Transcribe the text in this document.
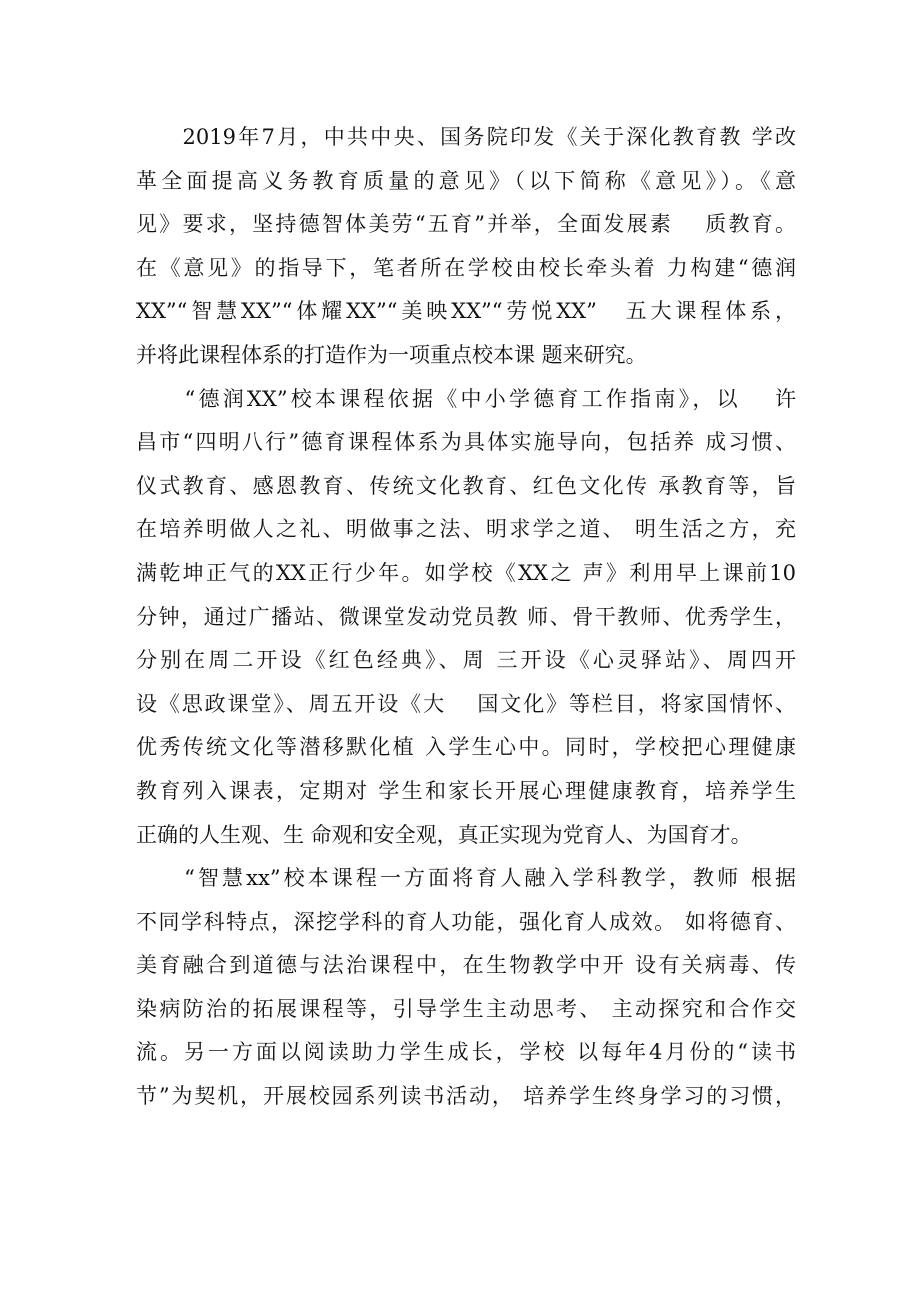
　　2019年7月，中共中央、国务院印发《关于深化教育教 学改
革全面提高义务教育质量的意见》（以下简称《意见》）。《意
见》要求，坚持德智体美劳“五育”并举，全面发展素　 质教育。
在《意见》的指导下，笔者所在学校由校长牵头着 力构建“德润
XX”“智慧XX”“体耀XX”“美映XX”“劳悦XX”　五大课程体系，
并将此课程体系的打造作为一项重点校本课 题来研究。
　　“德润XX”校本课程依据《中小学德育工作指南》，以　 许
昌市“四明八行”德育课程体系为具体实施导向，包括养 成习惯、
仪式教育、感恩教育、传统文化教育、红色文化传 承教育等，旨
在培养明做人之礼、明做事之法、明求学之道、 明生活之方，充
满乾坤正气的XX正行少年。如学校《XX之 声》利用早上课前10
分钟，通过广播站、微课堂发动党员教 师、骨干教师、优秀学生，
分别在周二开设《红色经典》、周 三开设《心灵驿站》、周四开
设《思政课堂》、周五开设《大　 国文化》等栏目，将家国情怀、
优秀传统文化等潜移默化植 入学生心中。同时，学校把心理健康
教育列入课表，定期对 学生和家长开展心理健康教育，培养学生
正确的人生观、生 命观和安全观，真正实现为党育人、为国育才。
　　“智慧xx”校本课程一方面将育人融入学科教学，教师 根据
不同学科特点，深挖学科的育人功能，强化育人成效。 如将德育、
美育融合到道德与法治课程中，在生物教学中开 设有关病毒、传
染病防治的拓展课程等，引导学生主动思考、 主动探究和合作交
流。另一方面以阅读助力学生成长，学校 以每年4月份的“读书
节”为契机，开展校园系列读书活动， 培养学生终身学习的习惯，
